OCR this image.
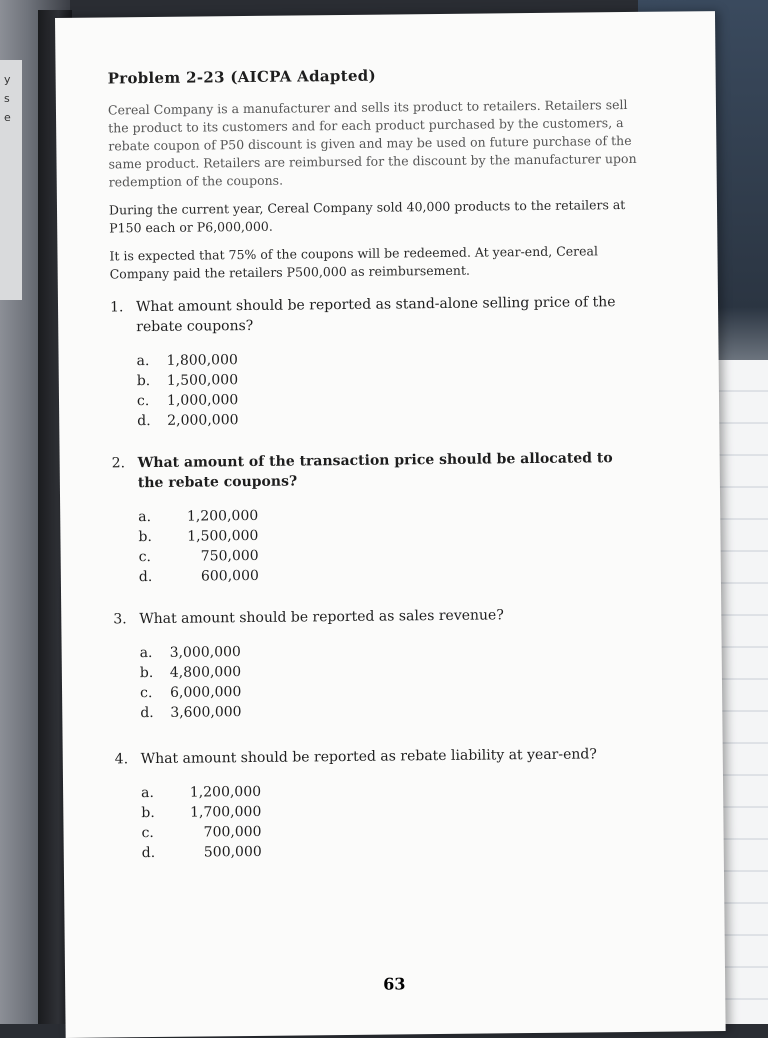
y s e
Problem 2-23 (AICPA Adapted)

Cereal Company is a manufacturer and sells its product to retailers. Retailers sell the product to its customers and for each product purchased by the customers, a rebate coupon of P50 discount is given and may be used on future purchase of the same product. Retailers are reimbursed for the discount by the manufacturer upon redemption of the coupons.

During the current year, Cereal Company sold 40,000 products to the retailers at P150 each or P6,000,000.

It is expected that 75% of the coupons will be redeemed. At year-end, Cereal Company paid the retailers P500,000 as reimbursement.

1. What amount should be reported as stand-alone selling price of the rebate coupons?
a.	1,800,000
b.	1,500,000
c.	1,000,000
d.	2,000,000
2. What amount of the transaction price should be allocated to the rebate coupons?
a.	1,200,000
b.	1,500,000
c.	750,000
d.	600,000
3. What amount should be reported as sales revenue?
a.	3,000,000
b.	4,800,000
c.	6,000,000
d.	3,600,000
4. What amount should be reported as rebate liability at year-end?
a.	1,200,000
b.	1,700,000
c.	700,000
d.	500,000
63
